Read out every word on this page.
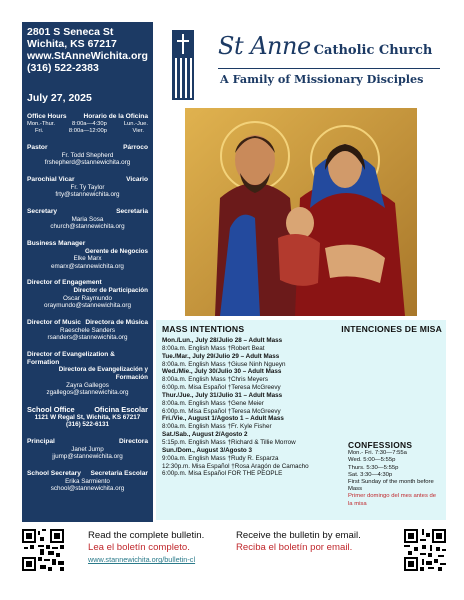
2801 S Seneca St
Wichita, KS 67217
www.StAnneWichita.org
(316) 522-2383
July 27, 2025
Office Hours	Horario de la Oficina
Mon.-Thur.	8:00a—4:30p	Lun.-Jue.
Fri.	8:00a—12:00p	Vier.
Pastor	Párroco
Fr. Todd Shepherd
frshepherd@stannewichita.org
Parochial Vicar	Vicario
Fr. Ty Taylor
frty@stannewichita.org
Secretary	Secretaria
Maria Sosa
church@stannewichita.org
Business Manager
Gerente de Negocios
Elke Marx
emarx@stannewichita.org
Director of Engagement
Director de Participación
Oscar Raymundo
oraymundo@stannewichita.org
Director of Music Directora de Música
Raeschele Sanders
rsanders@stannewichita.org
Director of Evangelization & Formation
Directora de Evangelización y Formación
Zayra Gallegos
zgallegos@stannewichita.org
School Office	Oficina Escolar
1121 W Regal St, Wichita, KS 67217
(316) 522-6131
Principal	Directora
Janet Jump
jjump@stannewichita.org
School Secretary Secretaria Escolar
Erika Sarmiento
school@stannewichita.org
St Anne Catholic Church
A Family of Missionary Disciples
MASS INTENTIONS	INTENCIONES DE MISA
Mon./Lun., July 28/Julio 28 – Adult Mass
8:00a.m. English Mass †Robert Beat
Tue./Mar., July 29/Julio 29 – Adult Mass
8:00a.m. English Mass †Giuse Ninh Ngueyn
Wed./Mie., July 30/Julio 30 – Adult Mass
8:00a.m. English Mass †Chris Meyers
6:00p.m. Misa Español †Teresa McGreevy
Thur./Jue., July 31/Julio 31 – Adult Mass
8:00a.m. English Mass †Gene Meier
6:00p.m. Misa Español †Teresa McGreevy
Fri./Vie., August 1/Agosto 1 – Adult Mass
8:00a.m. English Mass †Fr. Kyle Fisher
Sat./Sab., August 2/Agosto 2
5:15p.m. English Mass †Richard & Tillie Morrow
Sun./Dom., August 3/Agosto 3
9:00a.m. English Mass †Rudy R. Esparza
12:30p.m. Misa Español †Rosa Aragón de Camacho
6:00p.m. Misa Español FOR THE PEOPLE
CONFESSIONS
Mon.- Fri. 7:30—7:55a
Wed. 5:00—5:55p
Thurs. 5:30—5:55p
Sat. 3:30—4:30p
First Sunday of the month before Mass
Primer domingo del mes antes de la misa
Read the complete bulletin.
Lea el boletín completo.
www.stannewichita.org/bulletin-cl
Receive the bulletin by email.
Reciba el boletín por email.
